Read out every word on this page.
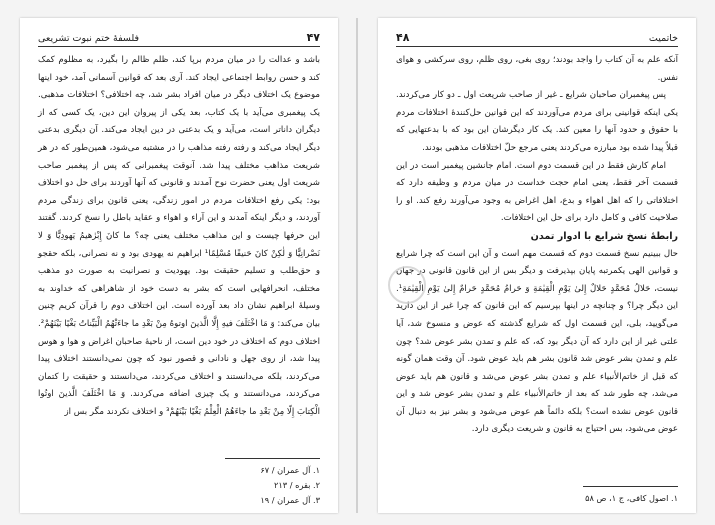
۴۷
فلسفهٔ ختم نبوت تشریعی

باشد و عدالت را در میان مردم برپا کند، ظلم ظالم را بگیرد، به مظلوم کمک کند و حسن روابط اجتماعی ایجاد کند. آری بعد که قوانین آسمانی آمد، خود اینها موضوع یک اختلاف دیگر در میان افراد بشر شد، چه اختلافی؟ اختلافات مذهبی. یک پیغمبری می‌آید با یک کتاب، بعد یکی از پیروان این دین، یک کسی که از دیگران داناتر است، می‌آید و یک بدعتی در دین ایجاد می‌کند. آن دیگری بدعتی دیگر ایجاد می‌کند و رفته رفته مذاهب را در مشتبه می‌شود، همین‌طور که در هر شریعت مذاهب مختلف پیدا شد. آنوقت پیغمبرانی که پس از پیغمبر صاحب شریعت اول یعنی حضرت نوح آمدند و قانونی که آنها آوردند برای حل دو اختلاف بود: یکی رفع اختلافات مردم در امور زندگی، یعنی قانون برای زندگی مردم آوردند، و دیگر اینکه آمدند و این آراء و اهواء و عقاید باطل را نسخ کردند. گفتند این حرفها چیست و این مذاهب مختلف یعنی چه؟ ما كانَ إِبْرٰهيمُ يَهودِيًّا وَ لا نَصْرانِيًّا وَ لٰكِنْ كانَ حَنيفًا مُسْلِمًا¹ ابراهیم نه یهودی بود و نه نصرانی، بلکه حقجو و حق‌طلب و تسلیم حقیقت بود. یهودیت و نصرانیت به صورت دو مذهب مختلف، انحرافهایی است که بشر به دست خود از شاهراهی که خداوند به وسیلهٔ ابراهیم نشان داد بعد آورده است. این اختلاف دوم را قرآن کریم چنین بیان می‌کند: وَ مَا اخْتَلَفَ فيهِ إِلَّا الَّذينَ اوتوهُ مِنْ بَعْدِ ما جاءَتْهُمُ الْبَيِّناتُ بَغْيًا بَيْنَهُمْ². اختلاف دوم که اختلاف در خود دین است، از ناحیهٔ صاحبان اغراض و هوا و هوس پیدا شد، از روی جهل و نادانی و قصور نبود که چون نمی‌دانستند اختلاف پیدا می‌کردند، بلکه می‌دانستند و اختلاف می‌کردند، می‌دانستند و حقیقت را کتمان می‌کردند، می‌دانستند و یک چیزی اضافه می‌کردند. وَ مَا اخْتَلَفَ الَّذينَ اوتُوا الْكِتابَ إِلّا مِنْ بَعْدِ ما جاءَهُمُ الْعِلْمُ بَغْيًا بَيْنَهُمْ³ و اختلاف نکردند مگر بس از

۱. آل عمران / ۶۷

۲. بقره / ۲۱۳

۳. آل عمران / ۱۹

خاتمیت
۴۸

آنکه علم به آن کتاب را واجد بودند؛ روی بغی، روی ظلم، روی سرکشی و هوای نفس.

پس پیغمبران صاحبان شرایع ـ غیر از صاحب شریعت اول ـ دو کار می‌کردند. یکی اینکه قوانینی برای مردم می‌آوردند که این قوانین حل‌کنندهٔ اختلافات مردم با حقوق و حدود آنها را معین کند. یک کار دیگرشان این بود که با بدعتهایی که قبلاً پیدا شده بود مبارزه می‌کردند یعنی مرجع حلّ اختلافات مذهبی بودند.

امام کارش فقط در این قسمت دوم است. امام جانشین پیغمبر است در این قسمت آخر فقط، یعنی امام حجت خداست در میان مردم و وظیفه دارد که اختلافاتی را که اهل اهواء و بدع، اهل اغراض به وجود می‌آورند رفع کند. او را صلاحیت کافی و کامل دارد برای حل این اختلافات.

رابطهٔ نسخ شرایع با ادوار تمدن

حال ببینیم نسخ قسمت دوم که قسمت مهم است و آن این است که چرا شرایع و قوانین الهی یکمرتبه پایان بپذیرفت و دیگر بس از این قانون قانونی در جهان نیست، حَلالُ مُحَمَّدٍ حَلالٌ إِلىٰ يَوْمِ الْقِيٰمَةِ وَ حَرامُ مُحَمَّدٍ حَرامٌ إِلىٰ يَوْمِ الْقِيٰمَةِ¹. این دیگر چرا؟ و چنانچه در اینها بپرسیم که این قانون که چرا غیر از این دارید می‌گویید، بلی، این قسمت اول که شرایع گذشته که عوض و منسوخ شد، آیا علتی غیر از این دارد که آن دیگر بود که، که علم و تمدن بشر عوض شد؟ چون علم و تمدن بشر عوض شد قانون بشر هم باید عوض شود. آن وقت همان گونه که قبل از خاتم‌الأنبیاء علم و تمدن بشر عوض می‌شد و قانون هم باید عوض می‌شد، چه طور شد که بعد از خاتم‌الأنبیاء علم و تمدن بشر عوض شد و این قانون عوض نشده است؟ بلکه دائماً هم عوض می‌شود و بشر نیز به دنبال آن عوض می‌شود، بس احتیاج به قانون و شریعت دیگری دارد.

۱. اصول کافی، ج ۱، ص ۵۸
